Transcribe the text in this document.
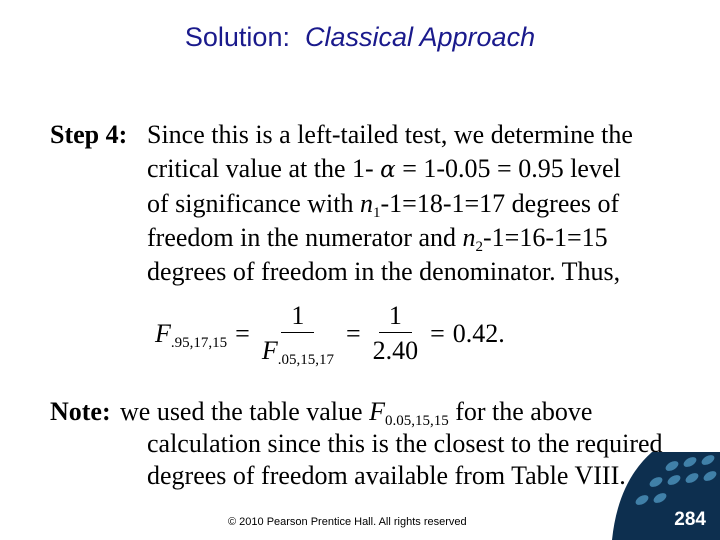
Solution: Classical Approach
Step 4: Since this is a left-tailed test, we determine the
critical value at the 1- α = 1-0.05 = 0.95 level
of significance with $n_1-1=18-1=17$ degrees of
freedom in the numerator and $n_2-1=16-1=15$
degrees of freedom in the denominator. Thus,
$F_{.95,17,15} = \frac{1}{F_{.05,15,17}} = \frac{1}{2.40} = 0.42$.
Note: we used the table value $F_{0.05,15,15}$ for the above
calculation since this is the closest to the required
degrees of freedom available from Table VIII.
© 2010 Pearson Prentice Hall. All rights reserved	284
